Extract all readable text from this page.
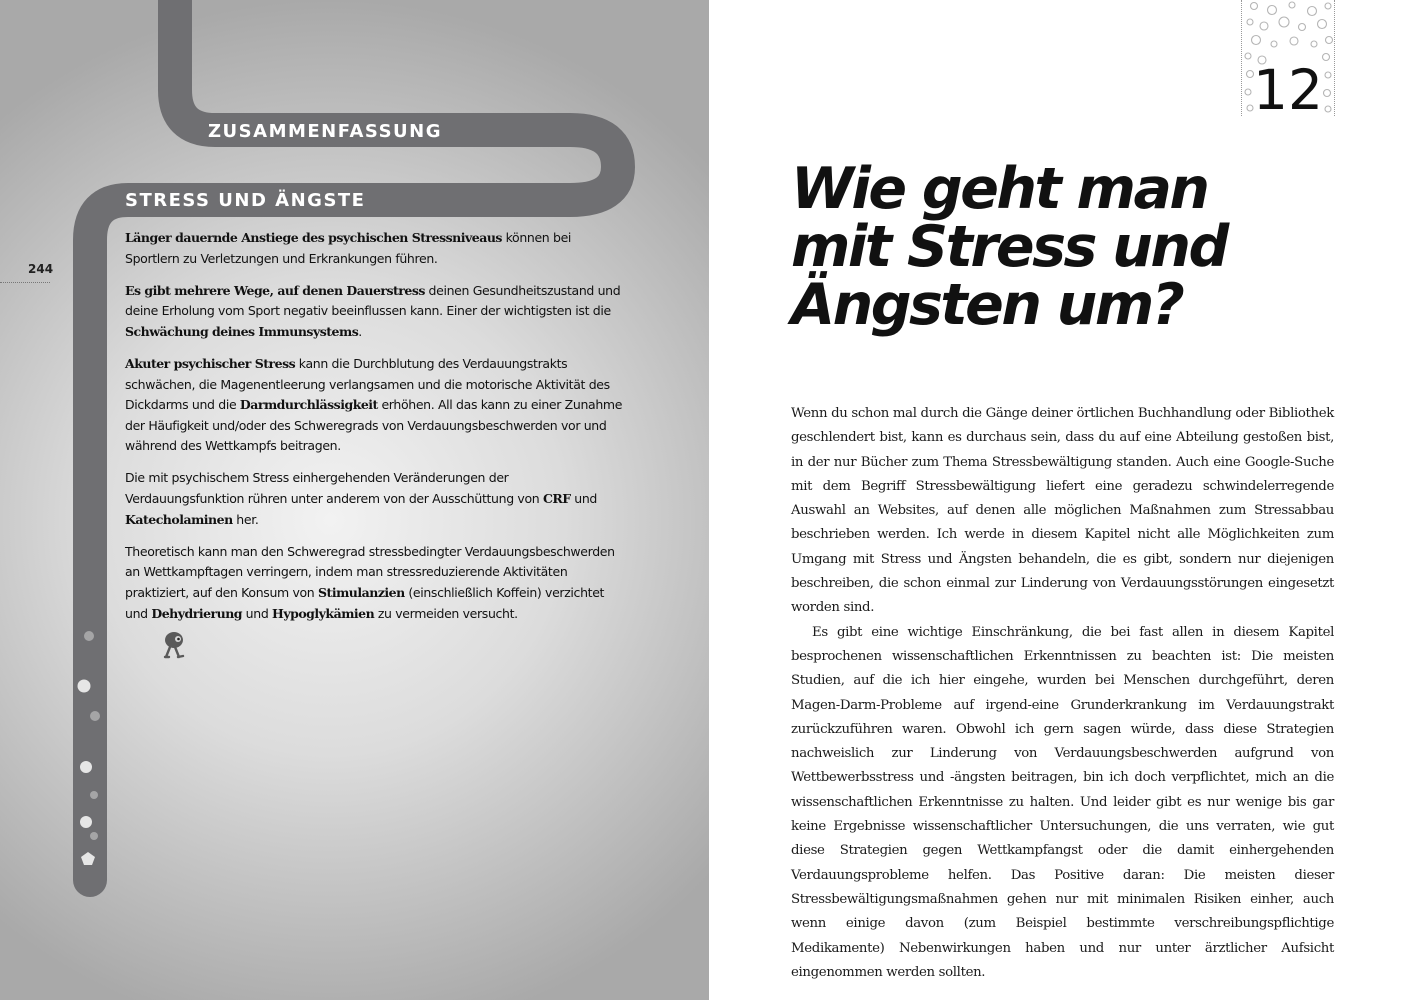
ZUSAMMENFASSUNG
STRESS UND ÄNGSTE
244

Länger dauernde Anstiege des psychischen Stressniveaus können bei Sportlern zu Verletzungen und Erkrankungen führen.

Es gibt mehrere Wege, auf denen Dauerstress deinen Gesundheitszustand und deine Erholung vom Sport negativ beeinflussen kann. Einer der wichtigsten ist die Schwächung deines Immunsystems.

Akuter psychischer Stress kann die Durchblutung des Verdauungstrakts schwächen, die Magenentleerung verlangsamen und die motorische Aktivität des Dickdarms und die Darmdurchlässigkeit erhöhen. All das kann zu einer Zunahme der Häufigkeit und/oder des Schweregrads von Verdauungsbeschwerden vor und während des Wettkampfs beitragen.

Die mit psychischem Stress einhergehenden Veränderungen der Verdauungsfunktion rühren unter anderem von der Ausschüttung von CRF und Katecholaminen her.

Theoretisch kann man den Schweregrad stressbedingter Verdauungsbeschwerden an Wettkampftagen verringern, indem man stressreduzierende Aktivitäten praktiziert, auf den Konsum von Stimulanzien (einschließlich Koffein) verzichtet und Dehydrierung und Hypoglykämien zu vermeiden versucht.

12
Wie geht man
mit Stress und
Ängsten um?

Wenn du schon mal durch die Gänge deiner örtlichen Buchhandlung oder Bibliothek geschlendert bist, kann es durchaus sein, dass du auf eine Abteilung gestoßen bist, in der nur Bücher zum Thema Stressbewältigung standen. Auch eine Google-Suche mit dem Begriff Stressbewältigung liefert eine geradezu schwindelerregende Auswahl an Websites, auf denen alle möglichen Maßnahmen zum Stressabbau beschrieben werden. Ich werde in diesem Kapitel nicht alle Möglichkeiten zum Umgang mit Stress und Ängsten behandeln, die es gibt, sondern nur diejenigen beschreiben, die schon einmal zur Linderung von Verdauungsstörungen eingesetzt worden sind.

Es gibt eine wichtige Einschränkung, die bei fast allen in diesem Kapitel besprochenen wissenschaftlichen Erkenntnissen zu beachten ist: Die meisten Studien, auf die ich hier eingehe, wurden bei Menschen durchgeführt, deren Magen-Darm-Probleme auf irgend-eine Grunderkrankung im Verdauungstrakt zurückzuführen waren. Obwohl ich gern sagen würde, dass diese Strategien nachweislich zur Linderung von Verdauungsbeschwerden aufgrund von Wettbewerbsstress und -ängsten beitragen, bin ich doch verpflichtet, mich an die wissenschaftlichen Erkenntnisse zu halten. Und leider gibt es nur wenige bis gar keine Ergebnisse wissenschaftlicher Untersuchungen, die uns verraten, wie gut diese Strategien gegen Wettkampfangst oder die damit einhergehenden Verdauungsprobleme helfen. Das Positive daran: Die meisten dieser Stressbewältigungsmaßnahmen gehen nur mit minimalen Risiken einher, auch wenn einige davon (zum Beispiel bestimmte verschreibungspflichtige Medikamente) Nebenwirkungen haben und nur unter ärztlicher Aufsicht eingenommen werden sollten.
